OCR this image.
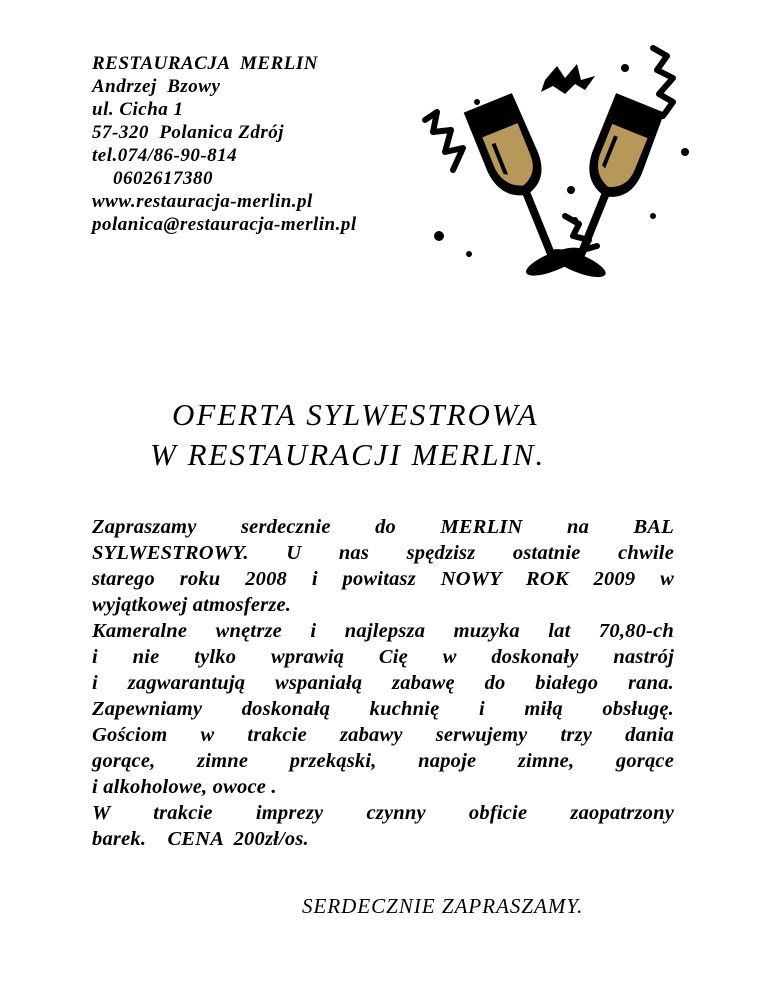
RESTAURACJA  MERLIN
Andrzej  Bzowy
ul. Cicha 1
57-320  Polanica Zdrój
tel.074/86-90-814
0602617380
www.restauracja-merlin.pl
polanica@restauracja-merlin.pl
OFERTA SYLWESTROWA
W RESTAURACJI MERLIN.

Zapraszamy serdecznie do MERLIN na BAL

SYLWESTROWY. U nas spędzisz ostatnie chwile

starego roku 2008 i powitasz NOWY ROK 2009 w

wyjątkowej atmosferze.

Kameralne wnętrze i najlepsza muzyka lat 70,80-ch

i nie tylko wprawią Cię w doskonały nastrój

i zagwarantują wspaniałą zabawę do białego rana.

Zapewniamy doskonałą kuchnię i miłą obsługę.

Gościom w trakcie zabawy serwujemy trzy dania

gorące, zimne przekąski, napoje zimne, gorące

i alkoholowe, owoce .

W trakcie imprezy czynny obficie zaopatrzony

barek.    CENA  200zł/os.

SERDECZNIE ZAPRASZAMY.
